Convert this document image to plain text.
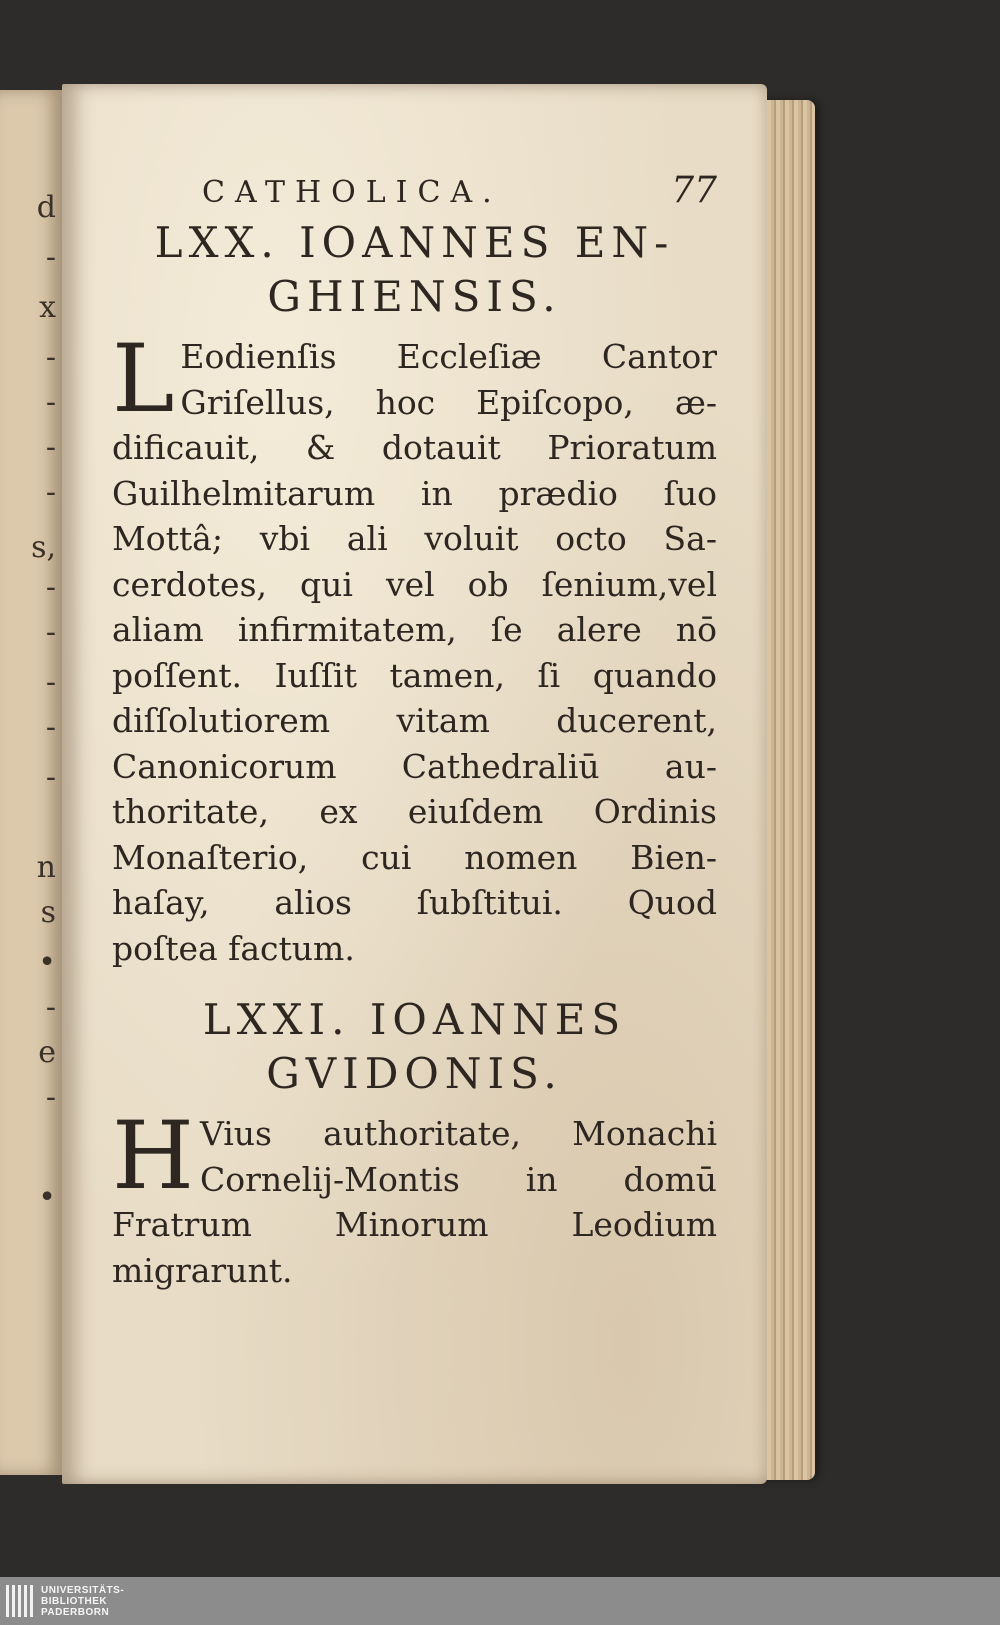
d
-
x
-
-
-
-
s,
-
-
-
-
-
n
s
•
-
e
-
•
CATHOLICA.	77
LXX. IOANNES EN-
GHIENSIS.
L Eodienſis Eccleſiæ Cantor
Griſellus, hoc Epiſcopo, æ-
dificauit, & dotauit Prioratum
Guilhelmitarum in prædio ſuo
Mottâ; vbi ali voluit octo Sa-
cerdotes, qui vel ob ſenium,vel
aliam infirmitatem, ſe alere nō
poſſent. Iuſſit tamen, ſi quando
diſſolutiorem vitam ducerent,
Canonicorum Cathedraliū au-
thoritate, ex eiuſdem Ordinis
Monaſterio, cui nomen Bien-
haſay, alios ſubſtitui. Quod
poſtea factum.
LXXI. IOANNES
GVIDONIS.
H Vius authoritate, Monachi
Cornelij-Montis in domū
Fratrum Minorum Leodium
migrarunt.
UNIVERSITÄTS-
BIBLIOTHEK
PADERBORN
